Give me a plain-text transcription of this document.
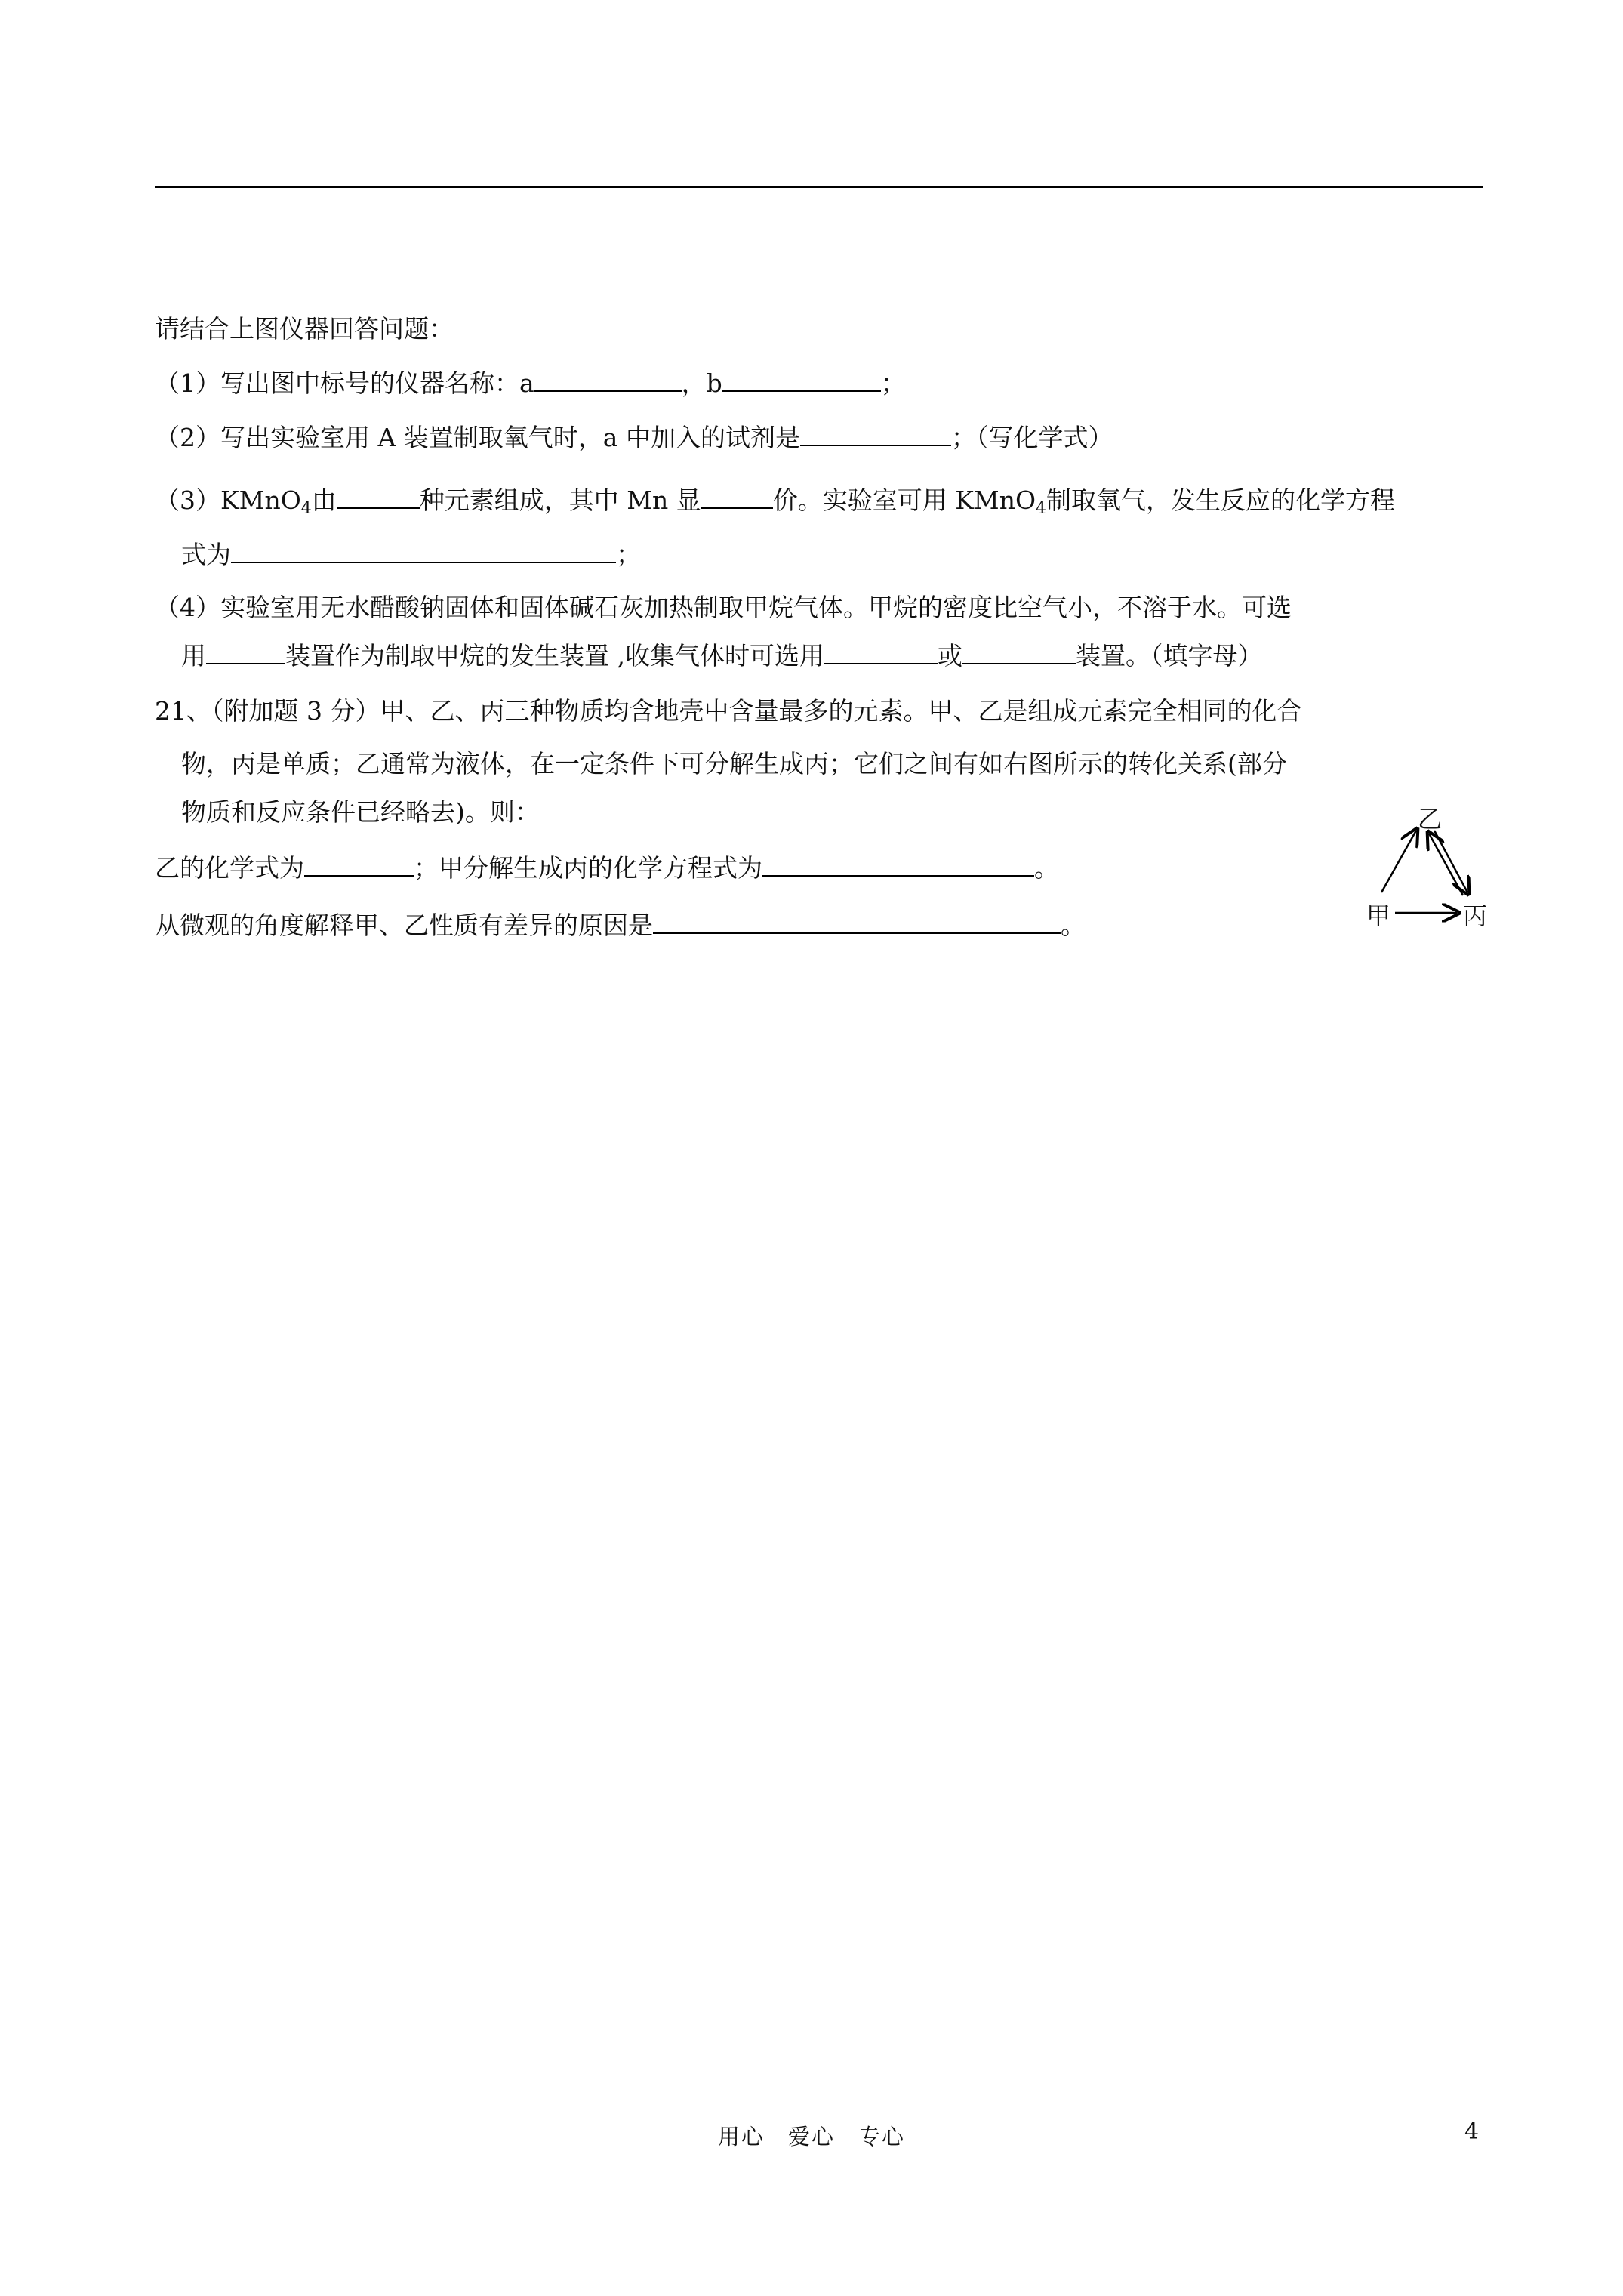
请结合上图仪器回答问题：
（1）写出图中标号的仪器名称：a	，b	；
（2）写出实验室用 A 装置制取氧气时，a 中加入的试剂是	；（写化学式）
（3）KMnO$_4$由	种元素组成，其中 Mn 显	价。实验室可用 KMnO$_4$制取氧气，发生反应的化学方程
式为	；
（4）实验室用无水醋酸钠固体和固体碱石灰加热制取甲烷气体。甲烷的密度比空气小，不溶于水。可选
用	装置作为制取甲烷的发生装置 ,收集气体时可选用	或	装置。（填字母）
21、（附加题 3 分）甲、乙、丙三种物质均含地壳中含量最多的元素。甲、乙是组成元素完全相同的化合
物，丙是单质；乙通常为液体，在一定条件下可分解生成丙；它们之间有如右图所示的转化关系(部分
物质和反应条件已经略去)。则：
乙的化学式为	；甲分解生成丙的化学方程式为	。
从微观的角度解释甲、乙性质有差异的原因是	。
乙
甲	丙
用心　爱心　专心	4
